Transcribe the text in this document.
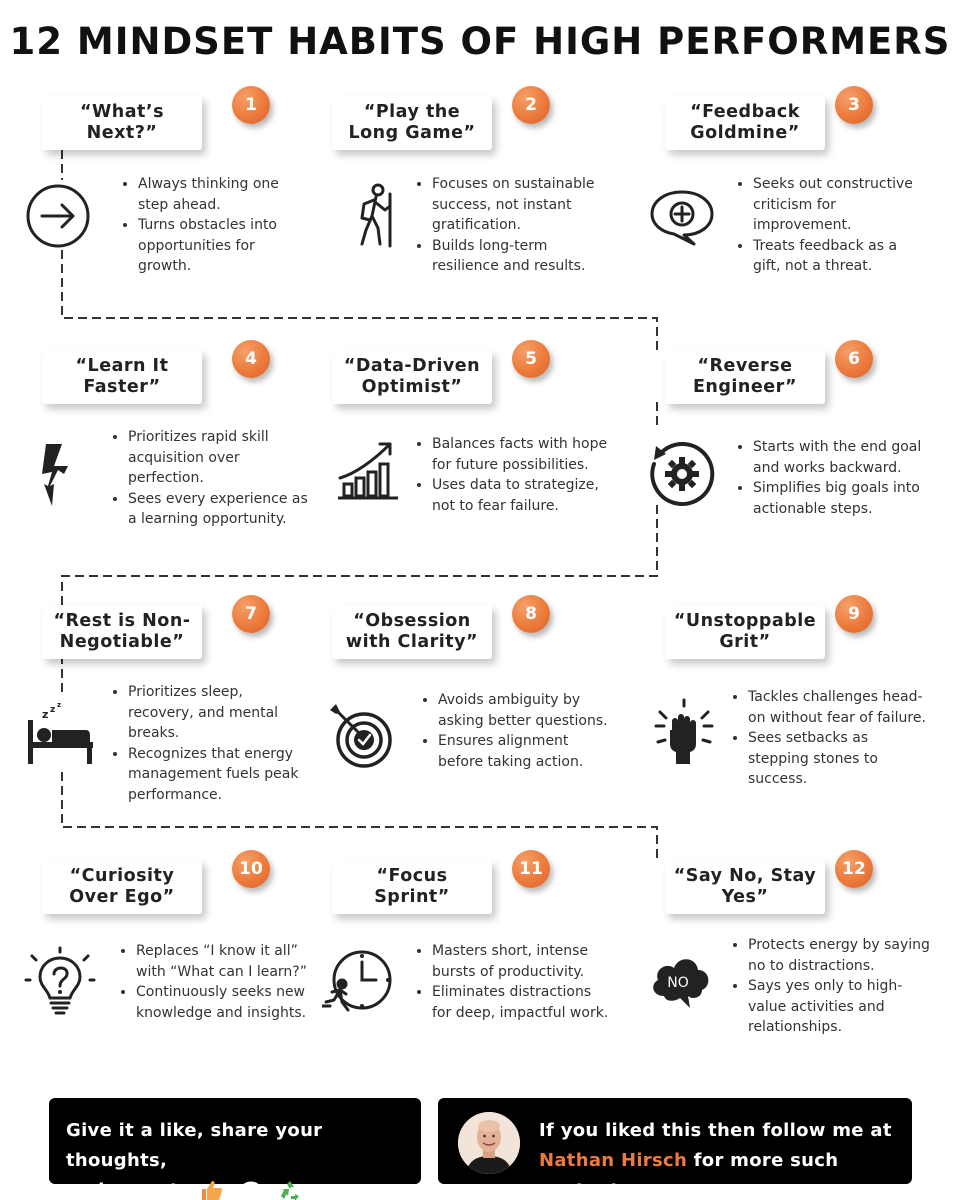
12 MINDSET HABITS OF HIGH PERFORMERS
“What’s Next?”
1
Always thinking one step ahead.
Turns obstacles into opportunities for growth.
“Play the Long Game”
2
Focuses on sustainable success, not instant gratification.
Builds long-term resilience and results.
“Feedback Goldmine”
3
Seeks out constructive criticism for improvement.
Treats feedback as a gift, not a threat.
“Learn It Faster”
4
Prioritizes rapid skill acquisition over perfection.
Sees every experience as a learning opportunity.
“Data-Driven Optimist”
5
Balances facts with hope for future possibilities.
Uses data to strategize, not to fear failure.
“Reverse Engineer”
6
Starts with the end goal and works backward.
Simplifies big goals into actionable steps.
“Rest is Non-Negotiable”
7
z z z
Prioritizes sleep, recovery, and mental breaks.
Recognizes that energy management fuels peak performance.
“Obsession with Clarity”
8
Avoids ambiguity by asking better questions.
Ensures alignment before taking action.
“Unstoppable Grit”
9
Tackles challenges head-on without fear of failure.
Sees setbacks as stepping stones to success.
“Curiosity Over Ego”
10
Replaces “I know it all” with “What can I learn?”
Continuously seeks new knowledge and insights.
“Focus Sprint”
11
Masters short, intense bursts of productivity.
Eliminates distractions for deep, impactful work.
“Say No, Stay Yes”
12
NO
Protects energy by saying no to distractions.
Says yes only to high-value activities and relationships.
Give it a like, share your thoughts,
and repost.
If you liked this then follow me at
Nathan Hirsch for more such content
